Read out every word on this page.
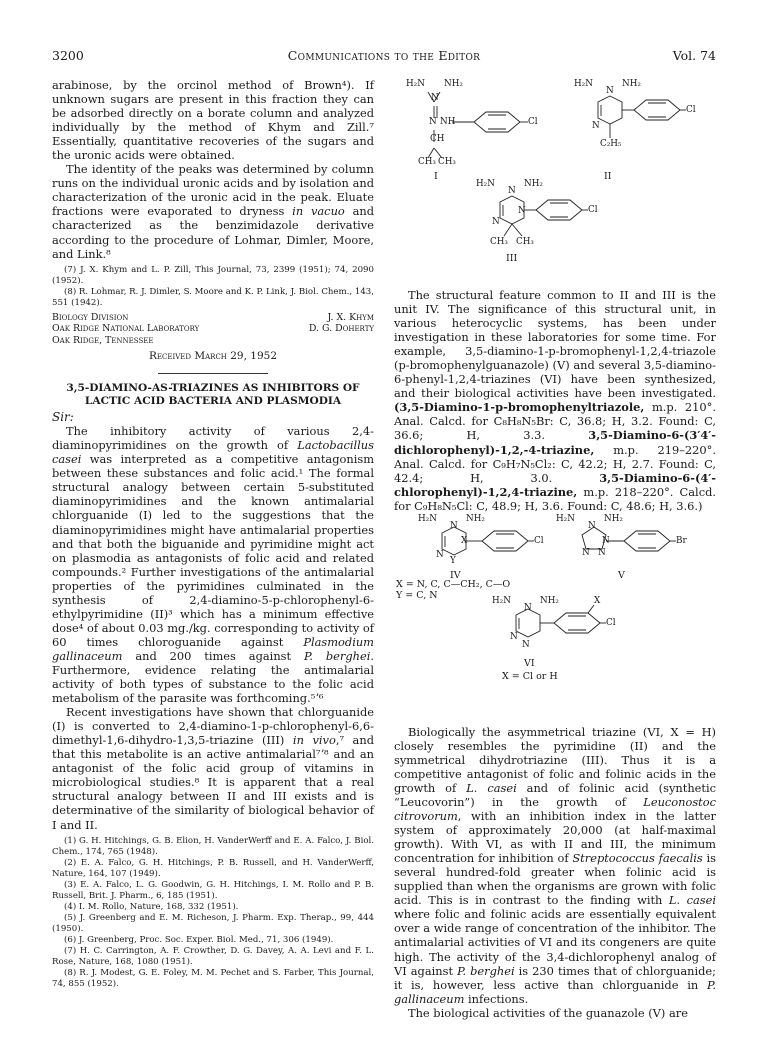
3200	Communications to the Editor	Vol. 74

arabinose, by the orcinol method of Brown⁴). If unknown sugars are present in this fraction they can be adsorbed directly on a borate column and analyzed individually by the method of Khym and Zill.⁷ Essentially, quantitative recoveries of the sugars and the uronic acids were obtained.

The identity of the peaks was determined by column runs on the individual uronic acids and by isolation and characterization of the uronic acid in the peak. Eluate fractions were evaporated to dryness in vacuo and characterized as the benzimidazole derivative according to the procedure of Lohmar, Dimler, Moore, and Link.⁸

(7) J. X. Khym and L. P. Zill, This Journal, 73, 2399 (1951); 74, 2090 (1952).

(8) R. Lohmar, R. J. Dimler, S. Moore and K. P. Link, J. Biol. Chem., 143, 551 (1942).

Biology Division	J. X. Khym
Oak Ridge National Laboratory	D. G. Doherty
Oak Ridge, Tennessee
Received March 29, 1952
3,5-DIAMINO-AS-TRIAZINES AS INHIBITORS OF LACTIC ACID BACTERIA AND PLASMODIA
Sir:

The inhibitory activity of various 2,4-diaminopyrimidines on the growth of Lactobacillus casei was interpreted as a competitive antagonism between these substances and folic acid.¹ The formal structural analogy between certain 5-substituted diaminopyrimidines and the known antimalarial chlorguanide (I) led to the suggestions that the diaminopyrimidines might have antimalarial properties and that both the biguanide and pyrimidine might act on plasmodia as antagonists of folic acid and related compounds.² Further investigations of the antimalarial properties of the pyrimidines culminated in the synthesis of 2,4-diamino-5-p-chlorophenyl-6-ethylpyrimidine (II)³ which has a minimum effective dose⁴ of about 0.03 mg./kg. corresponding to activity of 60 times chloroguanide against Plasmodium gallinaceum and 200 times against P. berghei. Furthermore, evidence relating the antimalarial activity of both types of substance to the folic acid metabolism of the parasite was forthcoming.⁵ʼ⁶

Recent investigations have shown that chlorguanide (I) is converted to 2,4-diamino-1-p-chlorophenyl-6,6-dimethyl-1,6-dihydro-1,3,5-triazine (III) in vivo,⁷ and that this metabolite is an active antimalarial⁷ʼ⁸ and an antagonist of the folic acid group of vitamins in microbiological studies.⁸ It is apparent that a real structural analogy between II and III exists and is determinative of the similarity of biological behavior of I and II.

(1) G. H. Hitchings, G. B. Elion, H. VanderWerff and E. A. Falco, J. Biol. Chem., 174, 765 (1948).

(2) E. A. Falco, G. H. Hitchings, P. B. Russell, and H. VanderWerff, Nature, 164, 107 (1949).

(3) E. A. Falco, L. G. Goodwin, G. H. Hitchings, I. M. Rollo and P. B. Russell, Brit. J. Pharm., 6, 185 (1951).

(4) I. M. Rollo, Nature, 168, 332 (1951).

(5) J. Greenberg and E. M. Richeson, J. Pharm. Exp. Therap., 99, 444 (1950).

(6) J. Greenberg, Proc. Soc. Exper. Biol. Med., 71, 306 (1949).

(7) H. C. Carrington, A. F. Crowther, D. G. Davey, A. A. Levi and F. L. Rose, Nature, 168, 1080 (1951).

(8) R. J. Modest, G. E. Foley, M. M. Pechet and S. Farber, This Journal, 74, 855 (1952).

H₂N NH₂
N
N NH
CH
CH₃ CH₃
Cl
I
H₂N	NH₂
N
N
Cl
C₂H₅
II
H₂N	NH₂
N
N
N	Cl
CH₃ CH₃
III

The structural feature common to II and III is the unit IV. The significance of this structural unit, in various heterocyclic systems, has been under investigation in these laboratories for some time. For example, 3,5-diamino-1-p-bromophenyl-1,2,4-triazole (p-bromophenylguanazole) (V) and several 3,5-diamino-6-phenyl-1,2,4-triazines (VI) have been synthesized, and their biological activities have been investigated. (3,5-Diamino-1-p-bromophenyltriazole, m.p. 210°. Anal. Calcd. for C₈H₈N₅Br: C, 36.8; H, 3.2. Found: C, 36.6; H, 3.3.	3,5-Diamino-6-(3′4′-dichlorophenyl)-1,2,-4-triazine, m.p. 219–220°. Anal. Calcd. for C₉H₇N₅Cl₂: C, 42.2; H, 2.7. Found: C, 42.4; H, 3.0.	3,5-Diamino-6-(4′-chlorophenyl)-1,2,4-triazine, m.p. 218–220°. Calcd. for C₉H₈N₅Cl: C, 48.9; H, 3.6. Found: C, 48.6; H, 3.6.)

H₂N	NH₂
N
N
X
Y
Cl
IV
H₂N	NH₂
N
N N
N	Br
V
X = N, C, C—CH₂, C—O
Y = C, N	H₂N	NH₂
N
N
N
X
Cl
VI
X = Cl or H

Biologically the asymmetrical triazine (VI, X = H) closely resembles the pyrimidine (II) and the symmetrical dihydrotriazine (III). Thus it is a competitive antagonist of folic and folinic acids in the growth of L. casei and of folinic acid (synthetic “Leucovorin”) in the growth of Leuconostoc citrovorum, with an inhibition index in the latter system of approximately 20,000 (at half-maximal growth). With VI, as with II and III, the minimum concentration for inhibition of Streptococcus faecalis is several hundred-fold greater when folinic acid is supplied than when the organisms are grown with folic acid. This is in contrast to the finding with L. casei where folic and folinic acids are essentially equivalent over a wide range of concentration of the inhibitor. The antimalarial activities of VI and its congeners are quite high. The activity of the 3,4-dichlorophenyl analog of VI against P. berghei is 230 times that of chlorguanide; it is, however, less active than chlorguanide in P. gallinaceum infections.

The biological activities of the guanazole (V) are
